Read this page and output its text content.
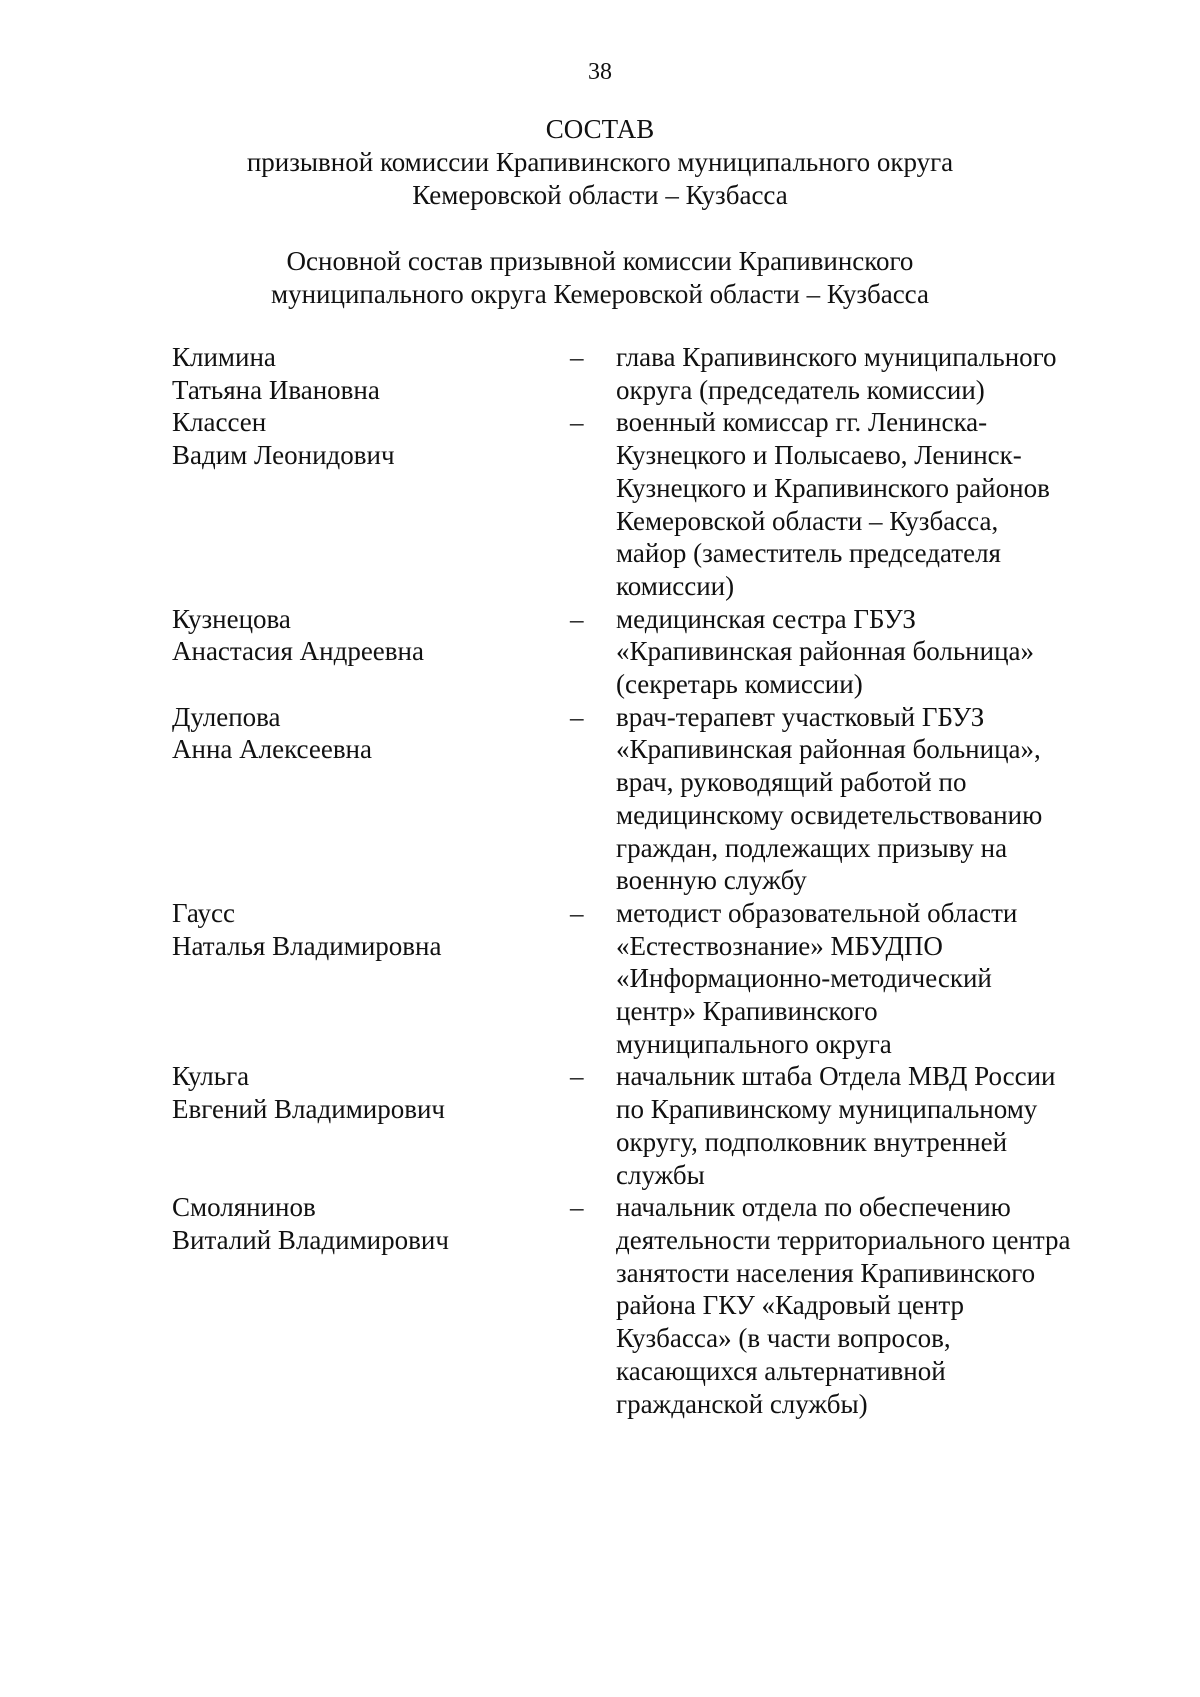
38
СОСТАВ
призывной комиссии Крапивинского муниципального округа
Кемеровской области – Кузбасса
Основной состав призывной комиссии Крапивинского
муниципального округа Кемеровской области – Кузбасса
Климина
Татьяна Ивановна
–	глава Крапивинского муниципального
округа (председатель комиссии)
Классен
Вадим Леонидович
–	военный комиссар гг. Ленинска-
Кузнецкого и Полысаево, Ленинск-
Кузнецкого и Крапивинского районов
Кемеровской области – Кузбасса,
майор (заместитель председателя
комиссии)
Кузнецова
Анастасия Андреевна
–	медицинская сестра ГБУЗ
«Крапивинская районная больница»
(секретарь комиссии)
Дулепова
Анна Алексеевна
–	врач-терапевт участковый ГБУЗ
«Крапивинская районная больница»,
врач, руководящий работой по
медицинскому освидетельствованию
граждан, подлежащих призыву на
военную службу
Гаусс
Наталья Владимировна
–	методист образовательной области
«Естествознание» МБУДПО
«Информационно-методический
центр» Крапивинского
муниципального округа
Кульга
Евгений Владимирович
–	начальник штаба Отдела МВД России
по Крапивинскому муниципальному
округу, подполковник внутренней
службы
Смолянинов
Виталий Владимирович
–	начальник отдела по обеспечению
деятельности территориального центра
занятости населения Крапивинского
района ГКУ «Кадровый центр
Кузбасса» (в части вопросов,
касающихся альтернативной
гражданской службы)
